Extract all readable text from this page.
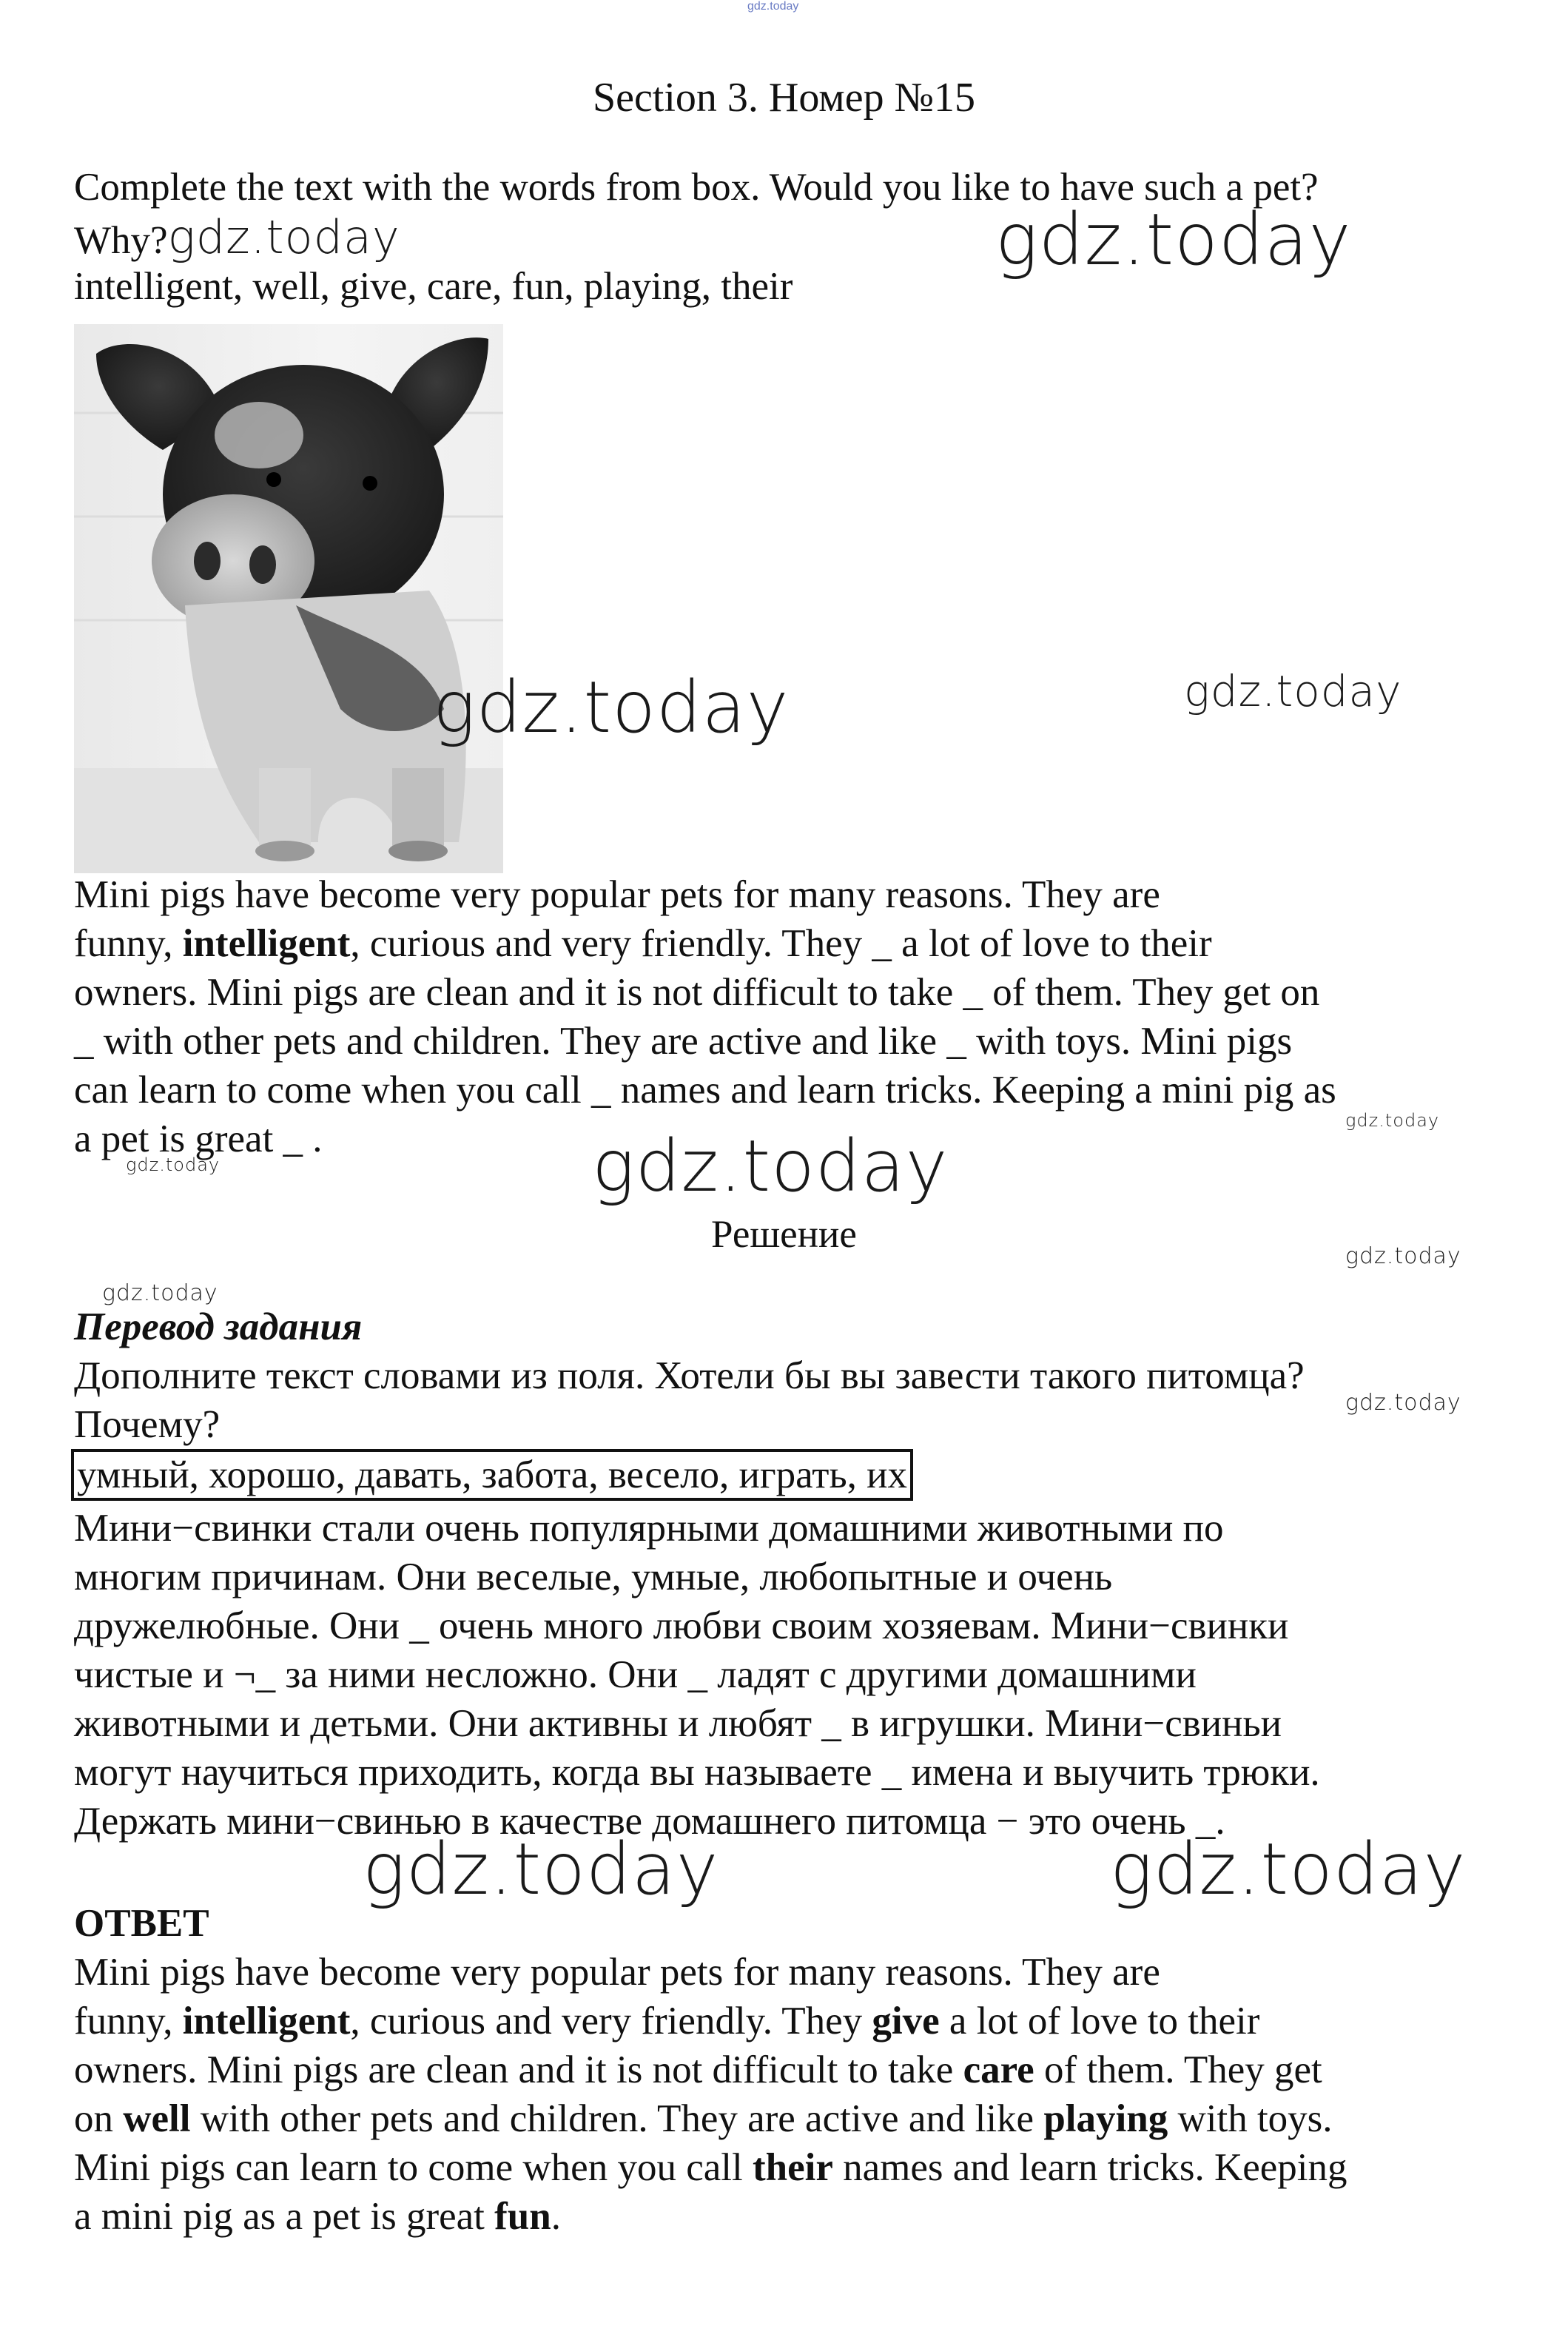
gdz.today
Section 3. Номер №15
Complete the text with the words from box. Would you like to have such a pet?
Why?gdz.today
intelligent, well, give, care, fun, playing, their
gdz.today
gdz.today	gdz.today
Mini pigs have become very popular pets for many reasons. They are
funny, intelligent, curious and very friendly. They _ a lot of love to their
owners. Mini pigs are clean and it is not difficult to take _ of them. They get on
_ with other pets and children. They are active and like _ with toys. Mini pigs
can learn to come when you call _ names and learn tricks. Keeping a mini pig as
a pet is great _ .	gdz.today
gdz.today	gdz.today
Решение
gdz.today
gdz.today
Перевод задания
Дополните текст словами из поля. Хотели бы вы завести такого питомца?
Почему?
gdz.today
умный, хорошо, давать, забота, весело, играть, их
Мини−свинки стали очень популярными домашними животными по
многим причинам. Они веселые, умные, любопытные и очень
дружелюбные. Они _ очень много любви своим хозяевам. Мини−свинки
чистые и ¬_ за ними несложно. Они _ ладят с другими домашними
животными и детьми. Они активны и любят _ в игрушки. Мини−свиньи
могут научиться приходить, когда вы называете _ имена и выучить трюки.
Держать мини−свинью в качестве домашнего питомца − это очень _.
gdz.today	gdz.today
ОТВЕТ
Mini pigs have become very popular pets for many reasons. They are
funny, intelligent, curious and very friendly. They give a lot of love to their
owners. Mini pigs are clean and it is not difficult to take care of them. They get
on well with other pets and children. They are active and like playing with toys.
Mini pigs can learn to come when you call their names and learn tricks. Keeping
a mini pig as a pet is great fun.
